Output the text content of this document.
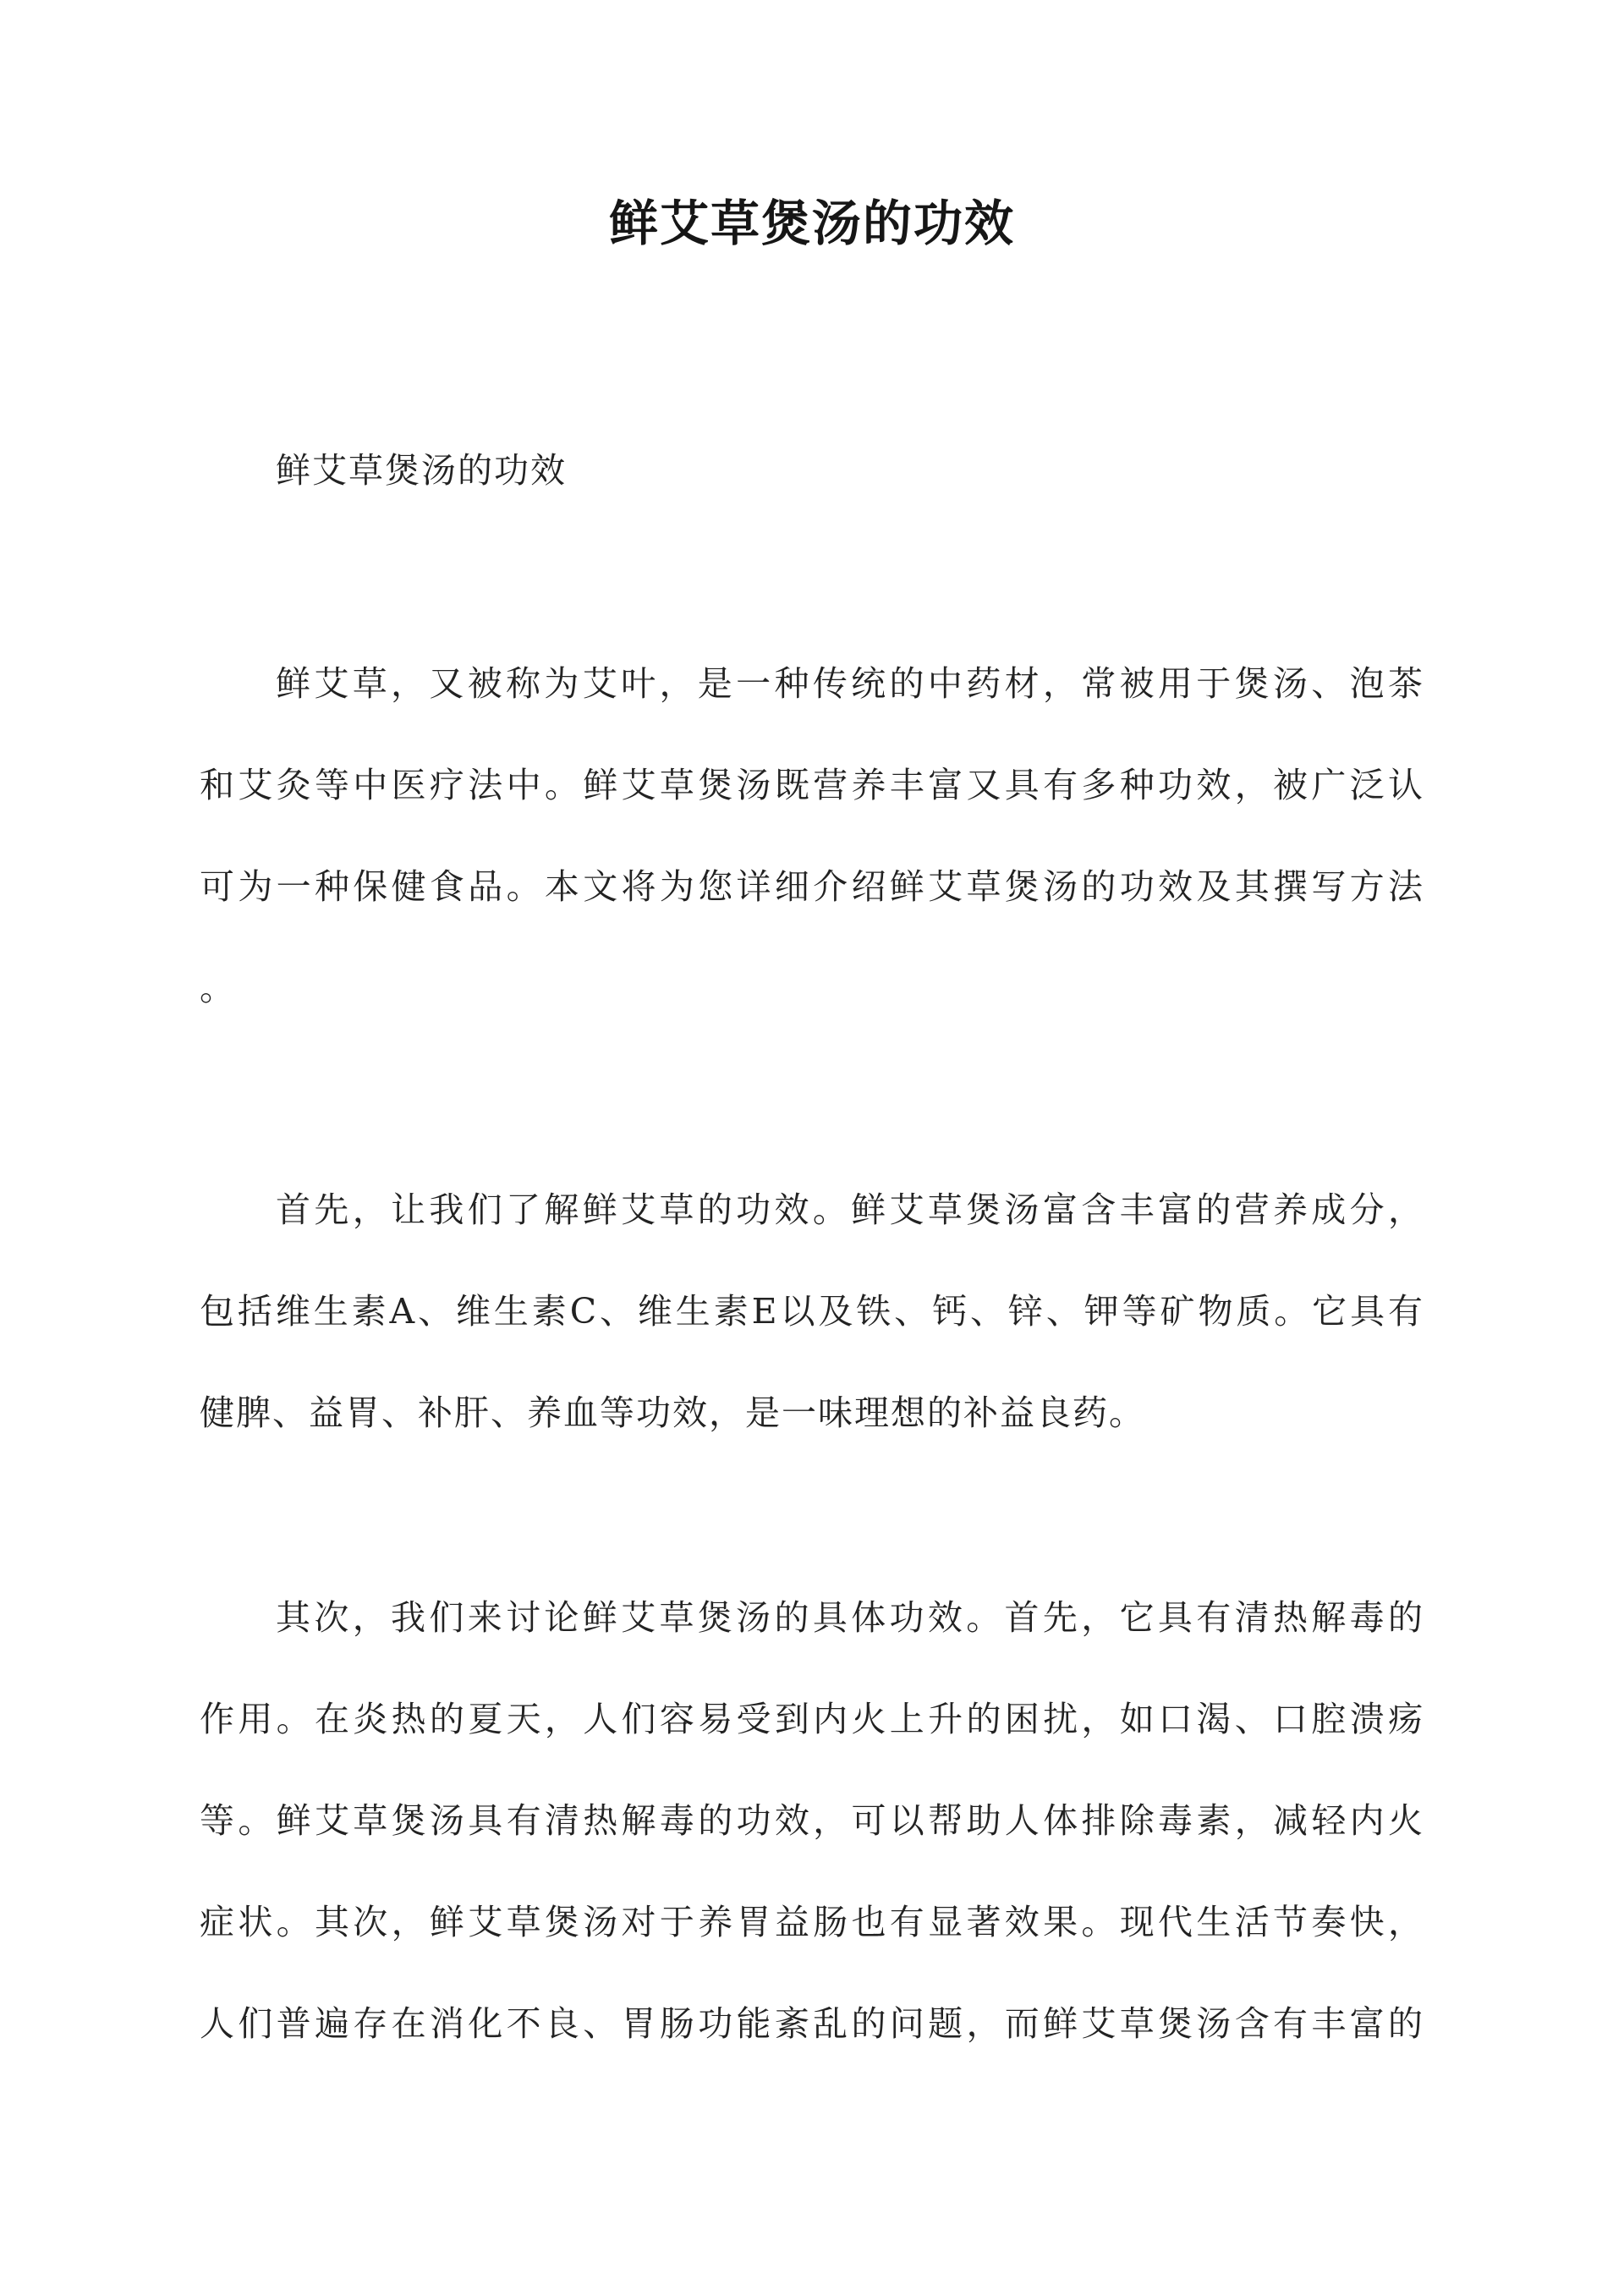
鲜艾草煲汤的功效
鲜艾草煲汤的功效
鲜艾草，又被称为艾叶，是一种传统的中药材，常被用于煲汤、泡茶
和艾灸等中医疗法中。鲜艾草煲汤既营养丰富又具有多种功效，被广泛认
可为一种保健食品。本文将为您详细介绍鲜艾草煲汤的功效及其撰写方法
。
首先，让我们了解鲜艾草的功效。鲜艾草煲汤富含丰富的营养成分，
包括维生素A、维生素C、维生素E以及铁、钙、锌、钾等矿物质。它具有
健脾、益胃、补肝、养血等功效，是一味理想的补益良药。
其次，我们来讨论鲜艾草煲汤的具体功效。首先，它具有清热解毒的
作用。在炎热的夏天，人们容易受到内火上升的困扰，如口渴、口腔溃疡
等。鲜艾草煲汤具有清热解毒的功效，可以帮助人体排除毒素，减轻内火
症状。其次，鲜艾草煲汤对于养胃益肠也有显著效果。现代生活节奏快，
人们普遍存在消化不良、胃肠功能紊乱的问题，而鲜艾草煲汤含有丰富的
